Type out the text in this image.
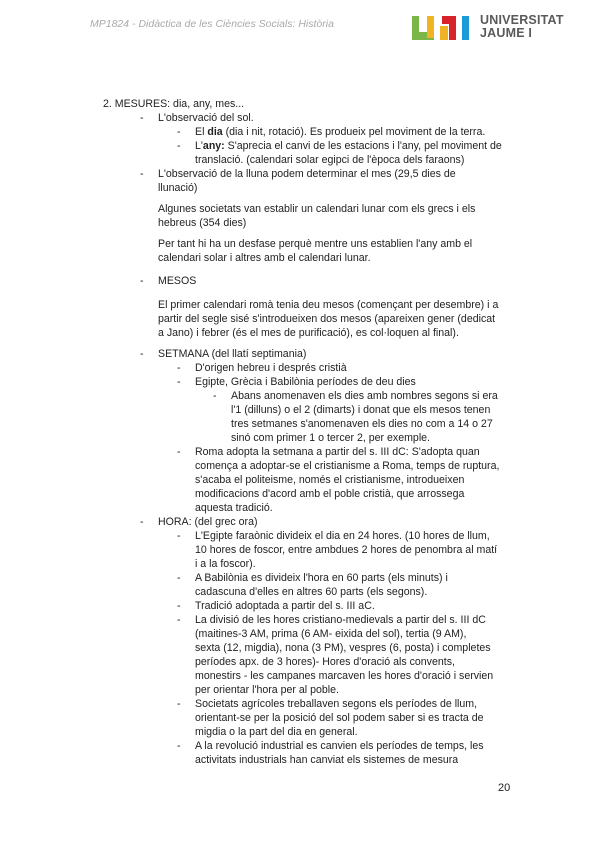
MP1824 - Didàctica de les Ciències Socials: Història	UNIVERSITAT
JAUME I
2. MESURES: dia, any, mes...
- L'observació del sol.
- El dia (dia i nit, rotació). Es produeix pel moviment de la terra.
- L'any: S'aprecia el canvi de les estacions i l'any, pel moviment de
translació. (calendari solar egipci de l'època dels faraons)
- L'observació de la lluna podem determinar el mes (29,5 dies de
llunació)
Algunes societats van establir un calendari lunar com els grecs i els
hebreus (354 dies)
Per tant hi ha un desfase perquè mentre uns establien l'any amb el
calendari solar i altres amb el calendari lunar.
- MESOS
El primer calendari romà tenia deu mesos (començant per desembre) i a
partir del segle sisé s'introdueixen dos mesos (apareixen gener (dedicat
a Jano) i febrer (és el mes de purificació), es col·loquen al final).
- SETMANA (del llatí septimania)
- D'origen hebreu i després cristià
- Egipte, Grècia i Babilònia períodes de deu dies
- Abans anomenaven els dies amb nombres segons si era
l'1 (dilluns) o el 2 (dimarts) i donat que els mesos tenen
tres setmanes s'anomenaven els dies no com a 14 o 27
sinó com primer 1 o tercer 2, per exemple.
- Roma adopta la setmana a partir del s. III dC: S'adopta quan
comença a adoptar-se el cristianisme a Roma, temps de ruptura,
s'acaba el politeisme, només el cristianisme, introdueixen
modificacions d'acord amb el poble cristià, que arrossega
aquesta tradició.
- HORA: (del grec ora)
- L'Egipte faraònic divideix el dia en 24 hores. (10 hores de llum,
10 hores de foscor, entre ambdues 2 hores de penombra al matí
i a la foscor).
- A Babilònia es divideix l'hora en 60 parts (els minuts) i
cadascuna d'elles en altres 60 parts (els segons).
- Tradició adoptada a partir del s. III aC.
- La divisió de les hores cristiano-medievals a partir del s. III dC
(maitines-3 AM, prima (6 AM- eixida del sol), tertia (9 AM),
sexta (12, migdia), nona (3 PM), vespres (6, posta) i completes
períodes apx. de 3 hores)- Hores d'oració als convents,
monestirs - les campanes marcaven les hores d'oració i servien
per orientar l'hora per al poble.
- Societats agrícoles treballaven segons els períodes de llum,
orientant-se per la posició del sol podem saber si es tracta de
migdia o la part del dia en general.
- A la revolució industrial es canvien els períodes de temps, les
activitats industrials han canviat els sistemes de mesura
20
